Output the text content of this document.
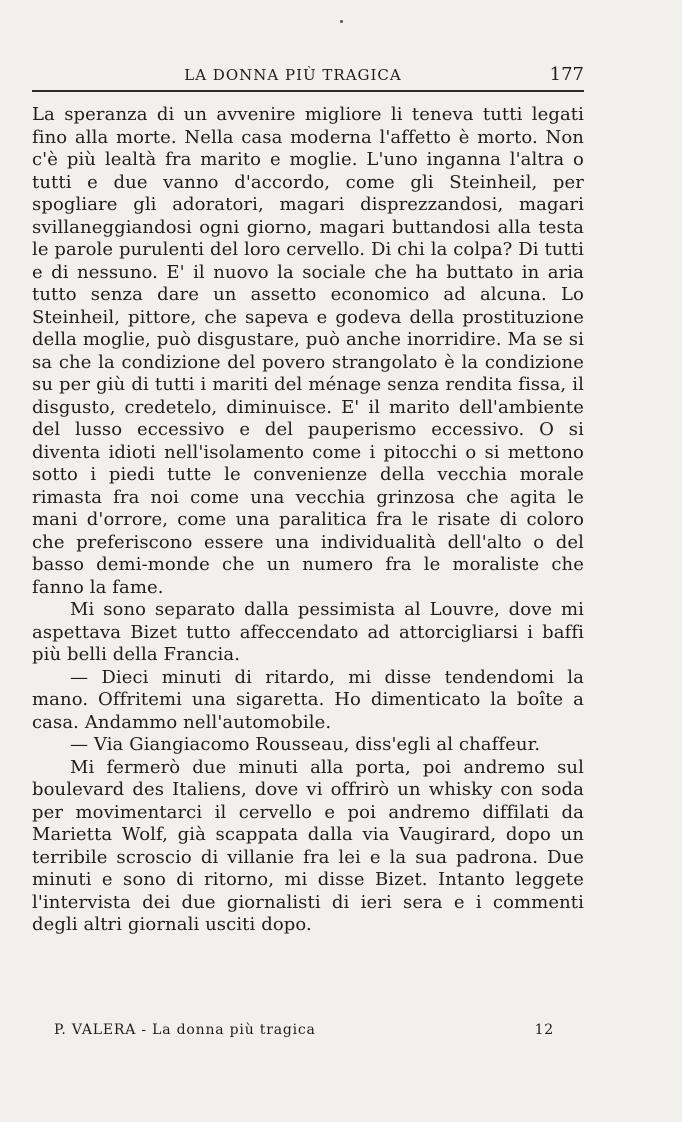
LA DONNA PIÙ TRAGICA	177

La speranza di un avvenire migliore li teneva tutti legati fino alla morte. Nella casa moderna l'affetto è morto. Non c'è più lealtà fra marito e moglie. L'uno inganna l'altra o tutti e due vanno d'accordo, come gli Steinheil, per spogliare gli adoratori, magari disprezzandosi, magari svillaneggiandosi ogni giorno, magari buttandosi alla testa le parole purulenti del loro cervello. Di chi la colpa? Di tutti e di nessuno. E' il nuovo la sociale che ha buttato in aria tutto senza dare un assetto economico ad alcuna. Lo Steinheil, pittore, che sapeva e godeva della prostituzione della moglie, può disgustare, può anche inorridire. Ma se si sa che la condizione del povero strangolato è la condizione su per giù di tutti i mariti del ménage senza rendita fissa, il disgusto, credetelo, diminuisce. E' il marito dell'ambiente del lusso eccessivo e del pauperismo eccessivo. O si diventa idioti nell'isolamento come i pitocchi o si mettono sotto i piedi tutte le convenienze della vecchia morale rimasta fra noi come una vecchia grinzosa che agita le mani d'orrore, come una paralitica fra le risate di coloro che preferiscono essere una individualità dell'alto o del basso demi-monde che un numero fra le moraliste che fanno la fame.

Mi sono separato dalla pessimista al Louvre, dove mi aspettava Bizet tutto affeccendato ad attorcigliarsi i baffi più belli della Francia.

— Dieci minuti di ritardo, mi disse tendendomi la mano. Offritemi una sigaretta. Ho dimenticato la boîte a casa. Andammo nell'automobile.

— Via Giangiacomo Rousseau, diss'egli al chaffeur.

Mi fermerò due minuti alla porta, poi andremo sul boulevard des Italiens, dove vi offrirò un whisky con soda per movimentarci il cervello e poi andremo diffilati da Marietta Wolf, già scappata dalla via Vaugirard, dopo un terribile scroscio di villanie fra lei e la sua padrona. Due minuti e sono di ritorno, mi disse Bizet. Intanto leggete l'intervista dei due giornalisti di ieri sera e i commenti degli altri giornali usciti dopo.

P. VALERA - La donna più tragica	12
